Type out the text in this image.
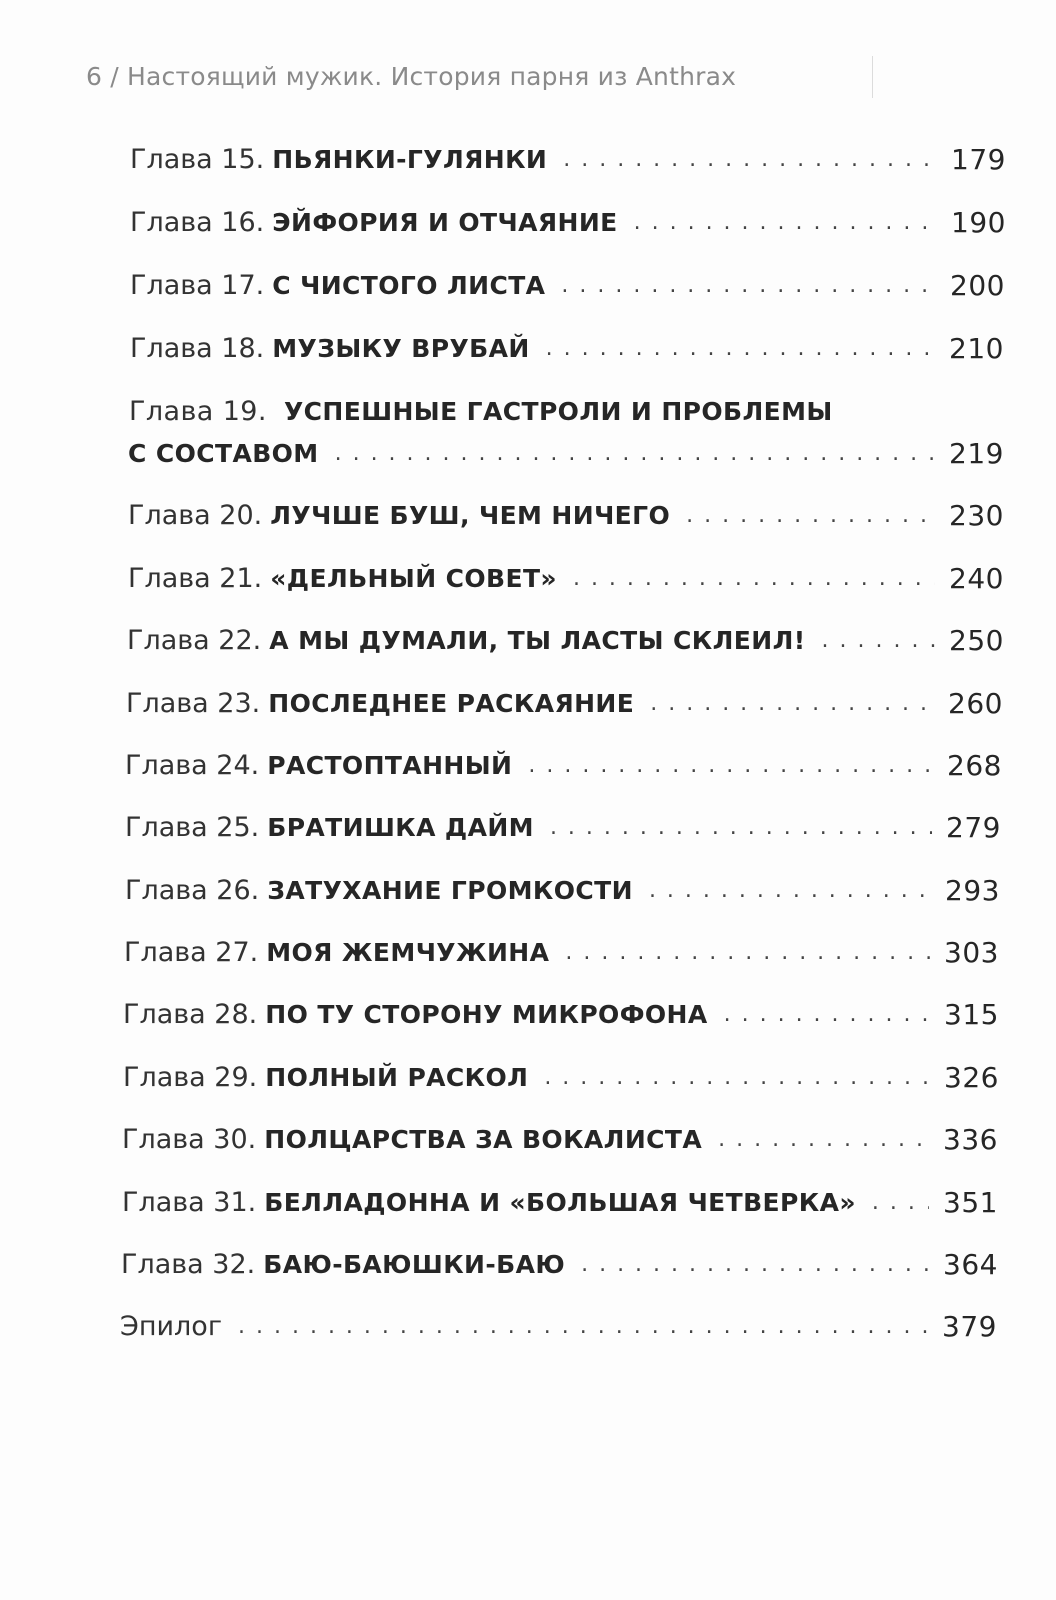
6 / Настоящий мужик. История парня из Anthrax
Глава 15. ПЬЯНКИ-ГУЛЯНКИ . . .	179
Глава 16. ЭЙФОРИЯ И ОТЧАЯНИЕ . . .	190
Глава 17. С ЧИСТОГО ЛИСТА . . .	200
Глава 18. МУЗЫКУ ВРУБАЙ . . .	210
Глава 19. УСПЕШНЫЕ ГАСТРОЛИ И ПРОБЛЕМЫ
С СОСТАВОМ . . .	219
Глава 20. ЛУЧШЕ БУШ, ЧЕМ НИЧЕГО . . .	230
Глава 21. «ДЕЛЬНЫЙ СОВЕТ» . . .	240
Глава 22. А МЫ ДУМАЛИ, ТЫ ЛАСТЫ СКЛЕИЛ! . . .	250
Глава 23. ПОСЛЕДНЕЕ РАСКАЯНИЕ . . .	260
Глава 24. РАСТОПТАННЫЙ . . .	268
Глава 25. БРАТИШКА ДАЙМ . . .	279
Глава 26. ЗАТУХАНИЕ ГРОМКОСТИ . . .	293
Глава 27. МОЯ ЖЕМЧУЖИНА . . .	303
Глава 28. ПО ТУ СТОРОНУ МИКРОФОНА . . .	315
Глава 29. ПОЛНЫЙ РАСКОЛ . . .	326
Глава 30. ПОЛЦАРСТВА ЗА ВОКАЛИСТА . . .	336
Глава 31. БЕЛЛАДОННА И «БОЛЬШАЯ ЧЕТВЕРКА» . . .	351
Глава 32. БАЮ-БАЮШКИ-БАЮ . . .	364
Эпилог . . .	379
